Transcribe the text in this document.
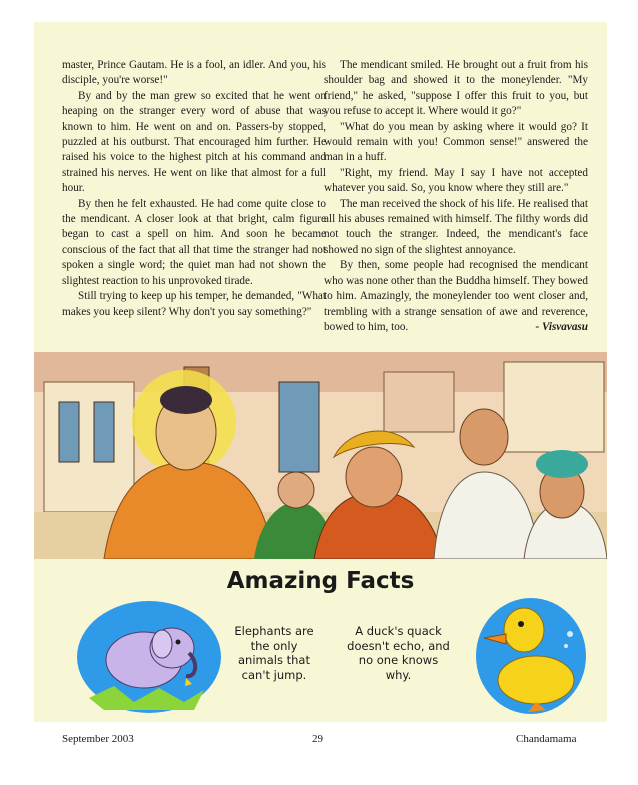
master, Prince Gautam. He is a fool, an idler. And you, his disciple, you're worse!"

By and by the man grew so excited that he went on heaping on the stranger every word of abuse that was known to him. He went on and on. Passers-by stopped, puzzled at his outburst. That encouraged him further. He raised his voice to the highest pitch at his command and strained his nerves. He went on like that almost for a full hour.

By then he felt exhausted. He had come quite close to the mendicant. A closer look at that bright, calm figure began to cast a spell on him. And soon he became conscious of the fact that all that time the stranger had not spoken a single word; the quiet man had not shown the slightest reaction to his unprovoked tirade.

Still trying to keep up his temper, he demanded, "What makes you keep silent? Why don't you say something?"

The mendicant smiled. He brought out a fruit from his shoulder bag and showed it to the moneylender. "My friend," he asked, "suppose I offer this fruit to you, but you refuse to accept it. Where would it go?"

"What do you mean by asking where it would go? It would remain with you! Common sense!" answered the man in a huff.

"Right, my friend. May I say I have not accepted whatever you said. So, you know where they still are."

The man received the shock of his life. He realised that all his abuses remained with himself. The filthy words did not touch the stranger. Indeed, the mendicant's face showed no sign of the slightest annoyance.

By then, some people had recognised the mendicant who was none other than the Buddha himself. They bowed to him. Amazingly, the moneylender too went closer and, trembling with a strange sensation of awe and reverence, bowed to him, too.	- Visvavasu

Amazing Facts
Elephants are
the only
animals that
can't jump.
A duck's quack
doesn't echo, and
no one knows
why.
September 2003	29	Chandamama
